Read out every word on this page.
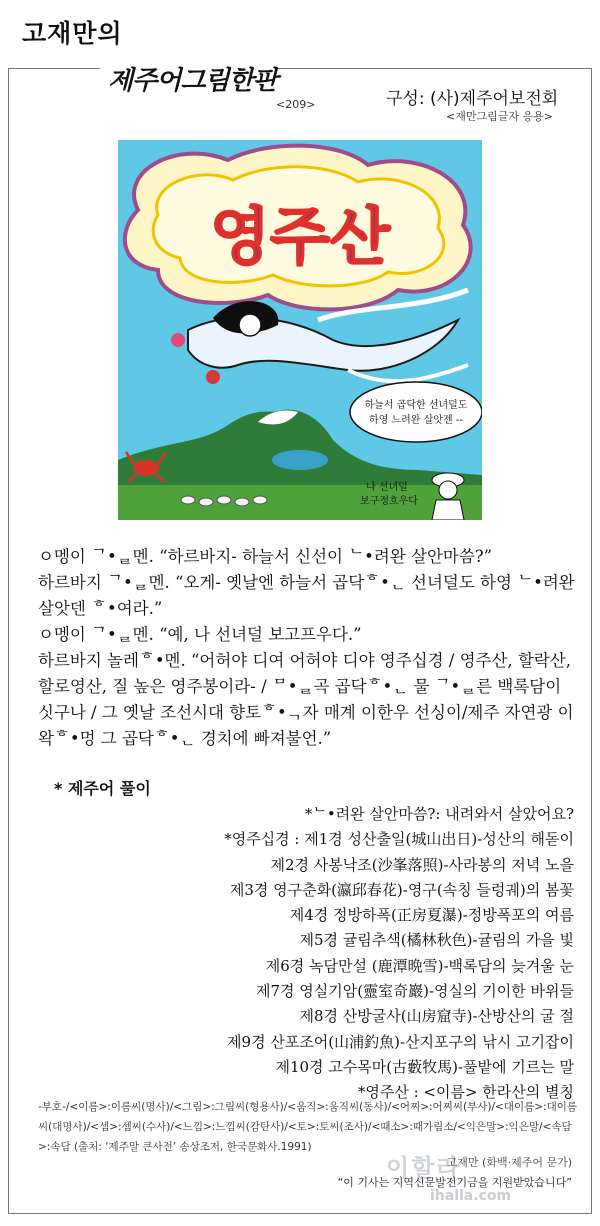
고재만의
제주어그림한판
<209>	구성: (사)제주어보전회
<재만그림글자 응용>
영주산
하늘서 곱닥한 선녀덜도
하영 느려완 살앗젠 --
나 선녀덜
보구정흐우다

ㅇ멩이 ᄀ•ᆯ멘. “하르바지- 하늘서 신선이 ᄂ•려완 살안마씀?”

하르바지 ᄀ•ᆯ멘. “오게- 옛날엔 하늘서 곱닥ᄒ•ᆫ 선녀덜도 하영 ᄂ•려완 살앗덴 ᄒ•여라.”

ㅇ멩이 ᄀ•ᆯ멘. “예, 나 선녀덜 보고프우다.”

하르바지 놀레ᄒ•멘. “어허야 디여 어허야 디야 영주십경 / 영주산, 할락산, 할로영산, 질 높은 영주봉이라- / ᄆ•ᆯ곡 곱닥ᄒ•ᆫ 물 ᄀ•ᆯ른 백록담이 싯구나 / 그 옛날 조선시대 향토ᄒ•ᆨ자 매계 이한우 선싱이/제주 자연광 이왁ᄒ•멍 그 곱닥ᄒ•ᆫ 경치에 빠져불언.”

* 제주어 풀이
*ᄂ•려완 살안마씀?: 내려와서 살았어요?
*영주십경 : 제1경 성산출일(城山出日)-성산의 해돋이
제2경 사봉낙조(沙峯落照)-사라봉의 저녁 노을
제3경 영구춘화(瀛邱春花)-영구(속칭 들렁궤)의 봄꽃
제4경 정방하폭(正房夏瀑)-정방폭포의 여름
제5경 귤림추색(橘林秋色)-귤림의 가을 빛
제6경 녹담만설 (鹿潭晩雪)-백록담의 늦겨울 눈
제7경 영실기암(靈室奇巖)-영실의 기이한 바위들
제8경 산방굴사(山房窟寺)-산방산의 굴 절
제9경 산포조어(山浦釣魚)-산지포구의 낚시 고기잡이
제10경 고수목마(古藪牧馬)-풀밭에 기르는 말
*영주산 : <이름> 한라산의 별칭
-부호-/<이름>:이름씨(명사)/<그림>:그림씨(형용사)/<움직>:움직씨(동사)/<어찌>:어찌씨(부사)/<대이름>:대이름씨(대명사)/<셈>:셈씨(수사)/<느낌>:느낌씨(감탄사)/<토>:토씨(조사)/<때소>:때가림소/<익은말>:익은말/<속담>:속담 (출처: ‘제주말 큰사전’ 송상조저, 한국문화사.1991)
이할라
ihalla.com
고재만 (화백·제주어 문가)
“이 기사는 지역신문발전기금을 지원받았습니다”
